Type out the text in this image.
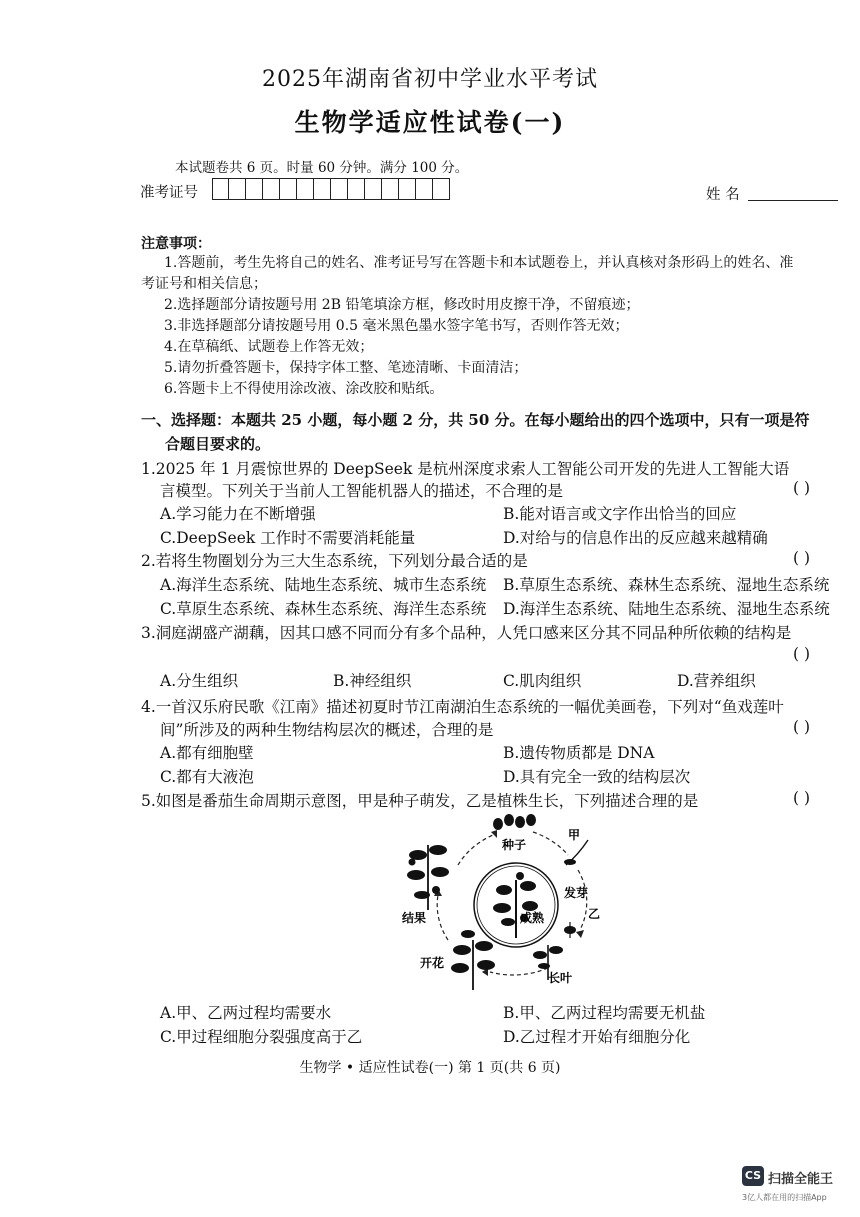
2025年湖南省初中学业水平考试
生物学适应性试卷(一)
本试题卷共 6 页。时量 60 分钟。满分 100 分。
准考证号	姓 名
注意事项：
1.答题前，考生先将自己的姓名、准考证号写在答题卡和本试题卷上，并认真核对条形码上的姓名、准
考证号和相关信息；
2.选择题部分请按题号用 2B 铅笔填涂方框，修改时用皮擦干净，不留痕迹；
3.非选择题部分请按题号用 0.5 毫米黑色墨水签字笔书写，否则作答无效；
4.在草稿纸、试题卷上作答无效；
5.请勿折叠答题卡，保持字体工整、笔迹清晰、卡面清洁；
6.答题卡上不得使用涂改液、涂改胶和贴纸。
一、选择题：本题共 25 小题，每小题 2 分，共 50 分。在每小题给出的四个选项中，只有一项是符
合题目要求的。
1.2025 年 1 月震惊世界的 DeepSeek 是杭州深度求索人工智能公司开发的先进人工智能大语
言模型。下列关于当前人工智能机器人的描述，不合理的是	( )
A.学习能力在不断增强	B.能对语言或文字作出恰当的回应
C.DeepSeek 工作时不需要消耗能量	D.对给与的信息作出的反应越来越精确
2.若将生物圈划分为三大生态系统，下列划分最合适的是	( )
A.海洋生态系统、陆地生态系统、城市生态系统 B.草原生态系统、森林生态系统、湿地生态系统
C.草原生态系统、森林生态系统、海洋生态系统 D.海洋生态系统、陆地生态系统、湿地生态系统
3.洞庭湖盛产湖藕，因其口感不同而分有多个品种，人凭口感来区分其不同品种所依赖的结构是
( )
A.分生组织	B.神经组织	C.肌肉组织	D.营养组织
4.一首汉乐府民歌《江南》描述初夏时节江南湖泊生态系统的一幅优美画卷，下列对“鱼戏莲叶
间”所涉及的两种生物结构层次的概述，合理的是	( )
A.都有细胞壁	B.遗传物质都是 DNA
C.都有大液泡	D.具有完全一致的结构层次
5.如图是番茄生命周期示意图，甲是种子萌发，乙是植株生长，下列描述合理的是	( )
种子
甲
发芽
乙
长叶
开花
结果	成熟
A.甲、乙两过程均需要水	B.甲、乙两过程均需要无机盐
C.甲过程细胞分裂强度高于乙	D.乙过程才开始有细胞分化
生物学 • 适应性试卷(一) 第 1 页(共 6 页)
CS 扫描全能王
3亿人都在用的扫描App
